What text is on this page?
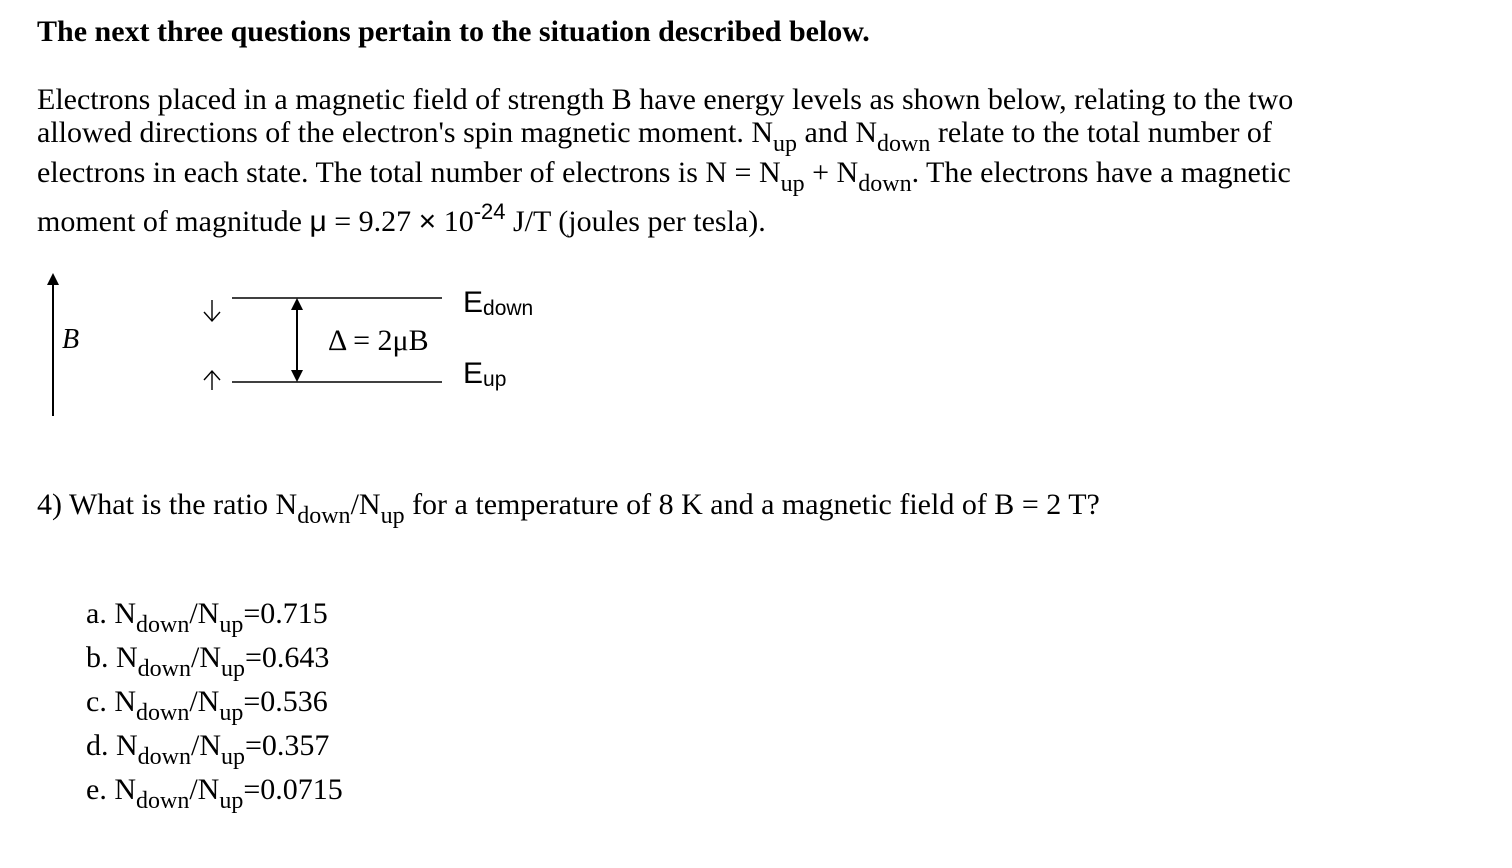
The next three questions pertain to the situation described below.
Electrons placed in a magnetic field of strength B have energy levels as shown below, relating to the two
allowed directions of the electron's spin magnetic moment. $N_{up}$ and $N_{down}$ relate to the total number of
electrons in each state. The total number of electrons is $N = N_{up} + N_{down}$. The electrons have a magnetic
moment of magnitude $\mu = 9.27 \times 10^{-24}$ J/T (joules per tesla).
B	Δ = 2μB
$E_{down}$
$E_{up}$
4) What is the ratio $N_{down}/N_{up}$ for a temperature of 8 K and a magnetic field of B = 2 T?
a. $N_{down}/N_{up}=0.715$
b. $N_{down}/N_{up}=0.643$
c. $N_{down}/N_{up}=0.536$
d. $N_{down}/N_{up}=0.357$
e. $N_{down}/N_{up}=0.0715$
